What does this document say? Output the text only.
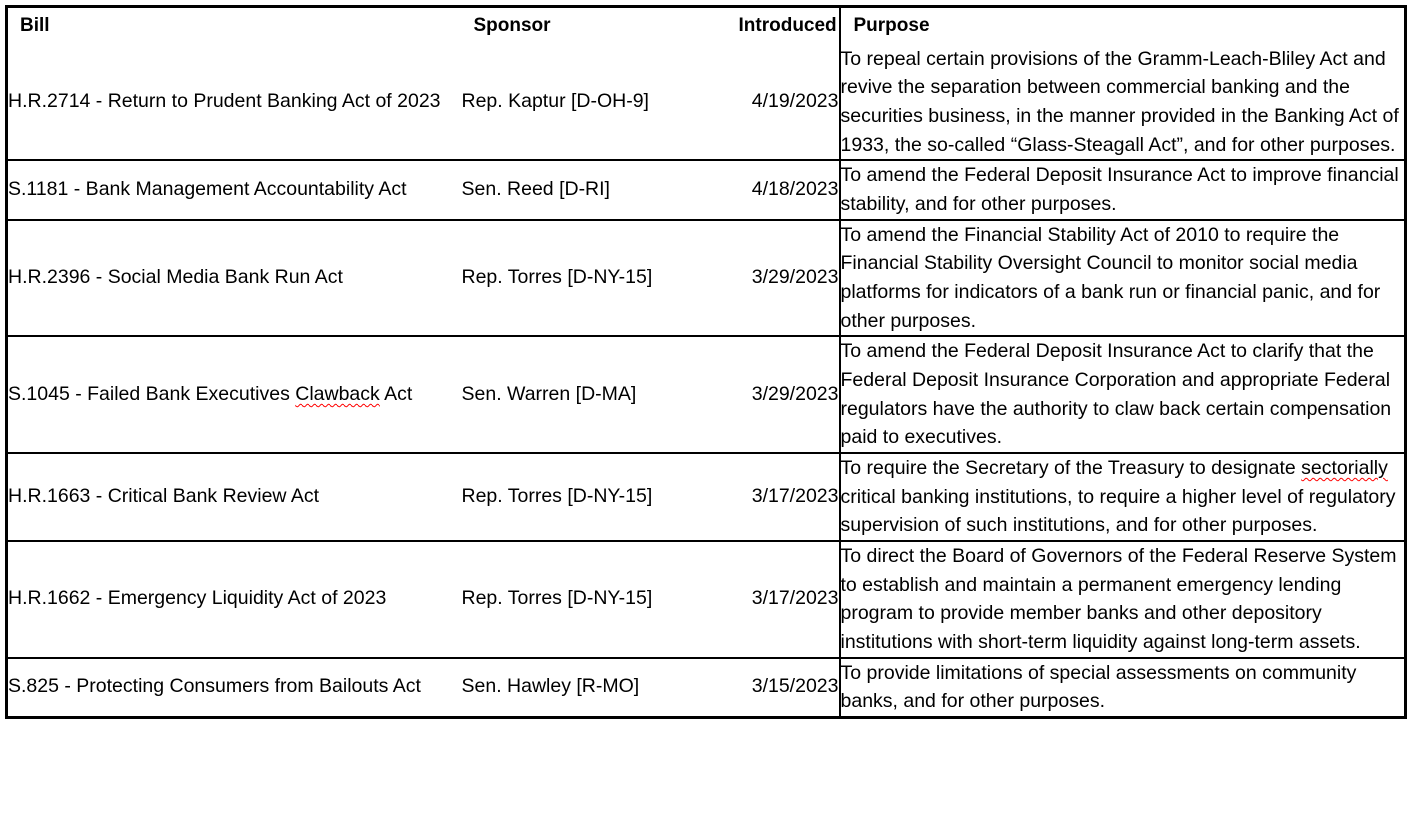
Bill	Sponsor	Introduced	Purpose
H.R.2714 - Return to Prudent Banking Act of 2023	Rep. Kaptur [D-OH-9]	4/19/2023	To repeal certain provisions of the Gramm-Leach-Bliley Act and revive the separation between commercial banking and the securities business, in the manner provided in the Banking Act of 1933, the so-called “Glass-Steagall Act”, and for other purposes.
S.1181 - Bank Management Accountability Act	Sen. Reed [D-RI]	4/18/2023	To amend the Federal Deposit Insurance Act to improve financial stability, and for other purposes.
H.R.2396 - Social Media Bank Run Act	Rep. Torres [D-NY-15]	3/29/2023	To amend the Financial Stability Act of 2010 to require the Financial Stability Oversight Council to monitor social media platforms for indicators of a bank run or financial panic, and for other purposes.
S.1045 - Failed Bank Executives Clawback Act	Sen. Warren [D-MA]	3/29/2023	To amend the Federal Deposit Insurance Act to clarify that the Federal Deposit Insurance Corporation and appropriate Federal regulators have the authority to claw back certain compensation paid to executives.
H.R.1663 - Critical Bank Review Act	Rep. Torres [D-NY-15]	3/17/2023	To require the Secretary of the Treasury to designate sectorially critical banking institutions, to require a higher level of regulatory supervision of such institutions, and for other purposes.
H.R.1662 - Emergency Liquidity Act of 2023	Rep. Torres [D-NY-15]	3/17/2023	To direct the Board of Governors of the Federal Reserve System to establish and maintain a permanent emergency lending program to provide member banks and other depository institutions with short-term liquidity against long-term assets.
S.825 - Protecting Consumers from Bailouts Act	Sen. Hawley [R-MO]	3/15/2023	To provide limitations of special assessments on community banks, and for other purposes.
